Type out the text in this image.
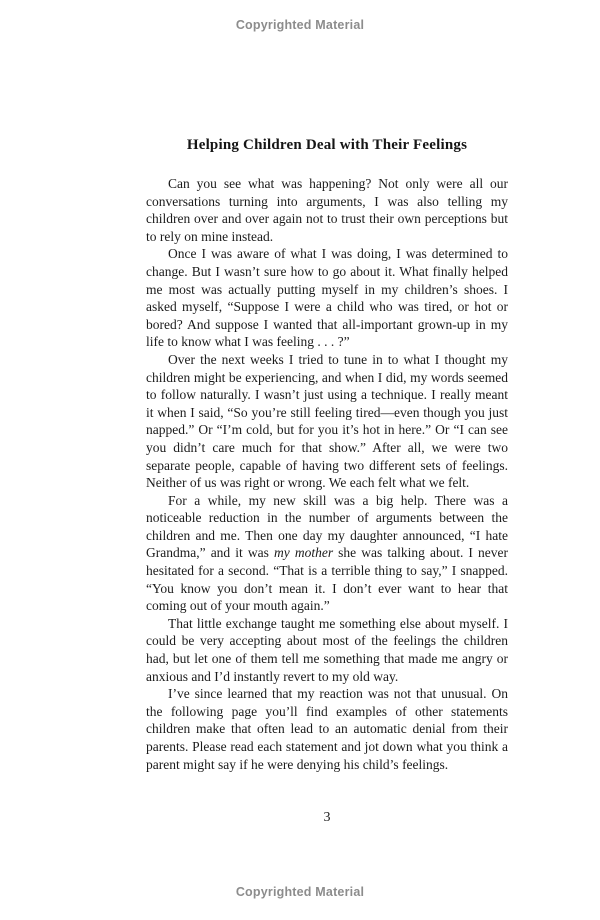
Copyrighted Material
Helping Children Deal with Their Feelings

Can you see what was happening? Not only were all our conversations turning into arguments, I was also telling my children over and over again not to trust their own perceptions but to rely on mine instead.

Once I was aware of what I was doing, I was determined to change. But I wasn’t sure how to go about it. What finally helped me most was actually putting myself in my children’s shoes. I asked myself, “Suppose I were a child who was tired, or hot or bored? And suppose I wanted that all-important grown-up in my life to know what I was feeling . . . ?”

Over the next weeks I tried to tune in to what I thought my children might be experiencing, and when I did, my words seemed to follow naturally. I wasn’t just using a technique. I really meant it when I said, “So you’re still feeling tired—even though you just napped.” Or “I’m cold, but for you it’s hot in here.” Or “I can see you didn’t care much for that show.” After all, we were two separate people, capable of having two different sets of feelings. Neither of us was right or wrong. We each felt what we felt.

For a while, my new skill was a big help. There was a noticeable reduction in the number of arguments between the children and me. Then one day my daughter announced, “I hate Grandma,” and it was my mother she was talking about. I never hesitated for a second. “That is a terrible thing to say,” I snapped. “You know you don’t mean it. I don’t ever want to hear that coming out of your mouth again.”

That little exchange taught me something else about myself. I could be very accepting about most of the feelings the children had, but let one of them tell me something that made me angry or anxious and I’d instantly revert to my old way.

I’ve since learned that my reaction was not that unusual. On the following page you’ll find examples of other statements children make that often lead to an automatic denial from their parents. Please read each statement and jot down what you think a parent might say if he were denying his child’s feelings.

3
Copyrighted Material
